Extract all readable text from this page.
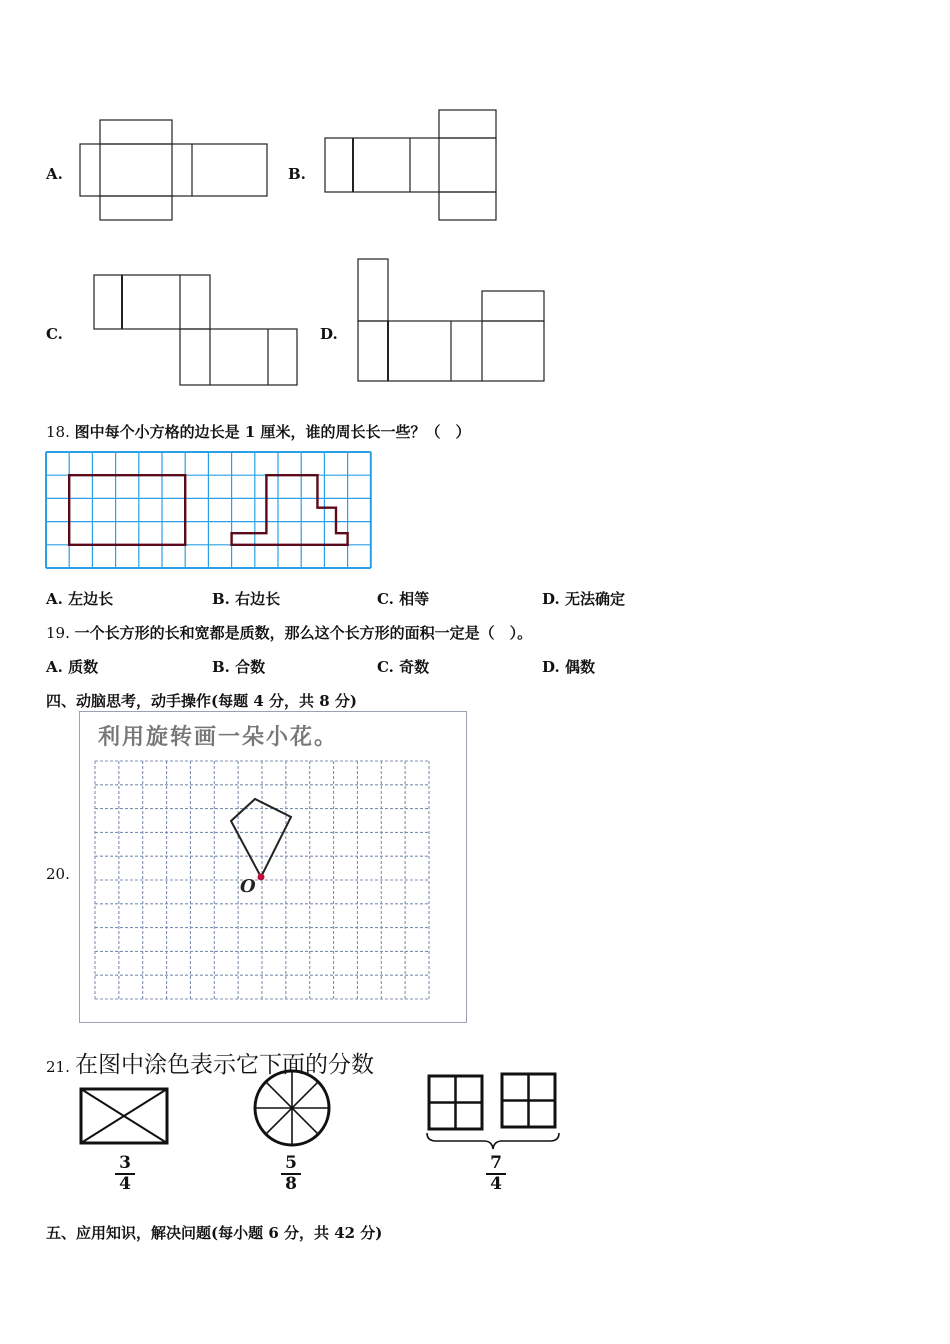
A.	B.
C.	D.
18. 图中每个小方格的边长是 1 厘米，谁的周长长一些？（　）
A. 左边长	B. 右边长	C. 相等	D. 无法确定
19. 一个长方形的长和宽都是质数，那么这个长方形的面积一定是（　）。
A. 质数	B. 合数	C. 奇数	D. 偶数
四、动脑思考，动手操作(每题 4 分，共 8 分)
20.
利用旋转画一朵小花。
O
21. 在图中涂色表示它下面的分数
3
4
5
8
7
4
五、应用知识，解决问题(每小题 6 分，共 42 分)
